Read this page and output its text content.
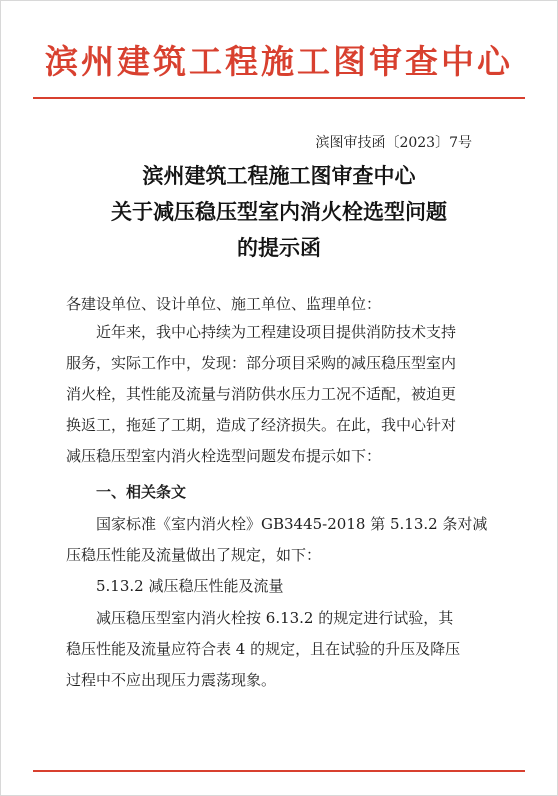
滨州建筑工程施工图审查中心
滨图审技函〔2023〕7号
滨州建筑工程施工图审查中心
关于减压稳压型室内消火栓选型问题
的提示函
各建设单位、设计单位、施工单位、监理单位：
近年来，我中心持续为工程建设项目提供消防技术支持
服务，实际工作中，发现：部分项目采购的减压稳压型室内
消火栓，其性能及流量与消防供水压力工况不适配，被迫更
换返工，拖延了工期，造成了经济损失。在此，我中心针对
减压稳压型室内消火栓选型问题发布提示如下：
一、相关条文
国家标准《室内消火栓》GB3445-2018 第 5.13.2 条对减
压稳压性能及流量做出了规定，如下：
5.13.2 减压稳压性能及流量
减压稳压型室内消火栓按 6.13.2 的规定进行试验，其
稳压性能及流量应符合表 4 的规定，且在试验的升压及降压
过程中不应出现压力震荡现象。
